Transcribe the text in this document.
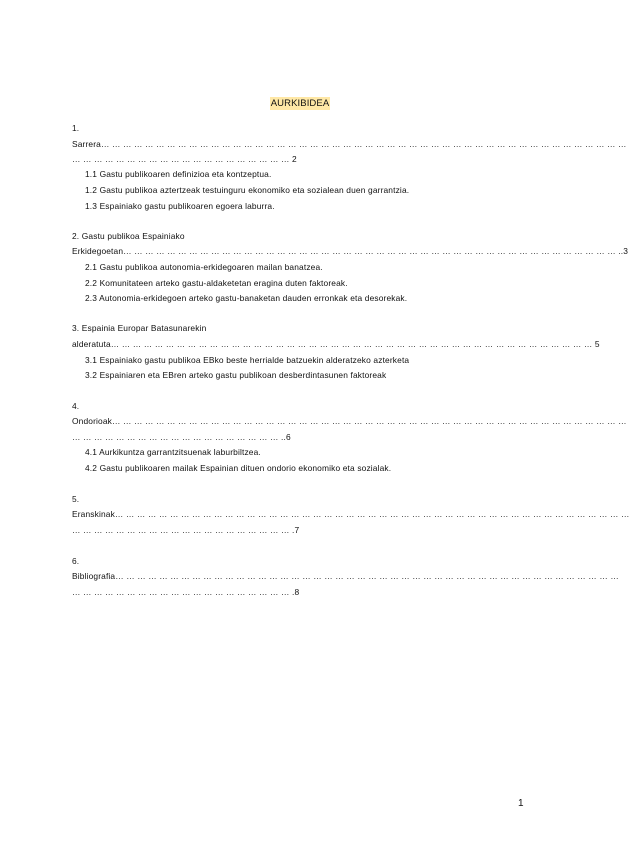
AURKIBIDEA
1.
Sarrera… … … … … … … … … … … … … … … … … … … … … … … … … … … … … … … … … … … … … … … … … … … … … … … …
… … … … … … … … … … … … … … … … … … … … 2
1.1 Gastu publikoaren definizioa eta kontzeptua.
1.2 Gastu publikoa aztertzeak testuinguru ekonomiko eta sozialean duen garrantzia.
1.3 Espainiako gastu publikoaren egoera laburra.
2. Gastu publikoa Espainiako
Erkidegoetan… … … … … … … … … … … … … … … … … … … … … … … … … … … … … … … … … … … … … … … … … … … … … ..3
2.1 Gastu publikoa autonomia-erkidegoaren mailan banatzea.
2.2 Komunitateen arteko gastu-aldaketetan eragina duten faktoreak.
2.3 Autonomia-erkidegoen arteko gastu-banaketan dauden erronkak eta desorekak.
3. Espainia Europar Batasunarekin
alderatuta… … … … … … … … … … … … … … … … … … … … … … … … … … … … … … … … … … … … … … … … … … … … 5
3.1 Espainiako gastu publikoa EBko beste herrialde batzuekin alderatzeko azterketa
3.2 Espainiaren eta EBren arteko gastu publikoan desberdintasunen faktoreak
4.
Ondorioak… … … … … … … … … … … … … … … … … … … … … … … … … … … … … … … … … … … … … … … … … … … … … … …
… … … … … … … … … … … … … … … … … … … ..6
4.1 Aurkikuntza garrantzitsuenak laburbiltzea.
4.2 Gastu publikoaren mailak Espainian dituen ondorio ekonomiko eta sozialak.
5.
Eranskinak… … … … … … … … … … … … … … … … … … … … … … … … … … … … … … … … … … … … … … … … … … … … … … …
… … … … … … … … … … … … … … … … … … … … .7
6.
Bibliografia… … … … … … … … … … … … … … … … … … … … … … … … … … … … … … … … … … … … … … … … … … … … … …
… … … … … … … … … … … … … … … … … … … … .8
1
